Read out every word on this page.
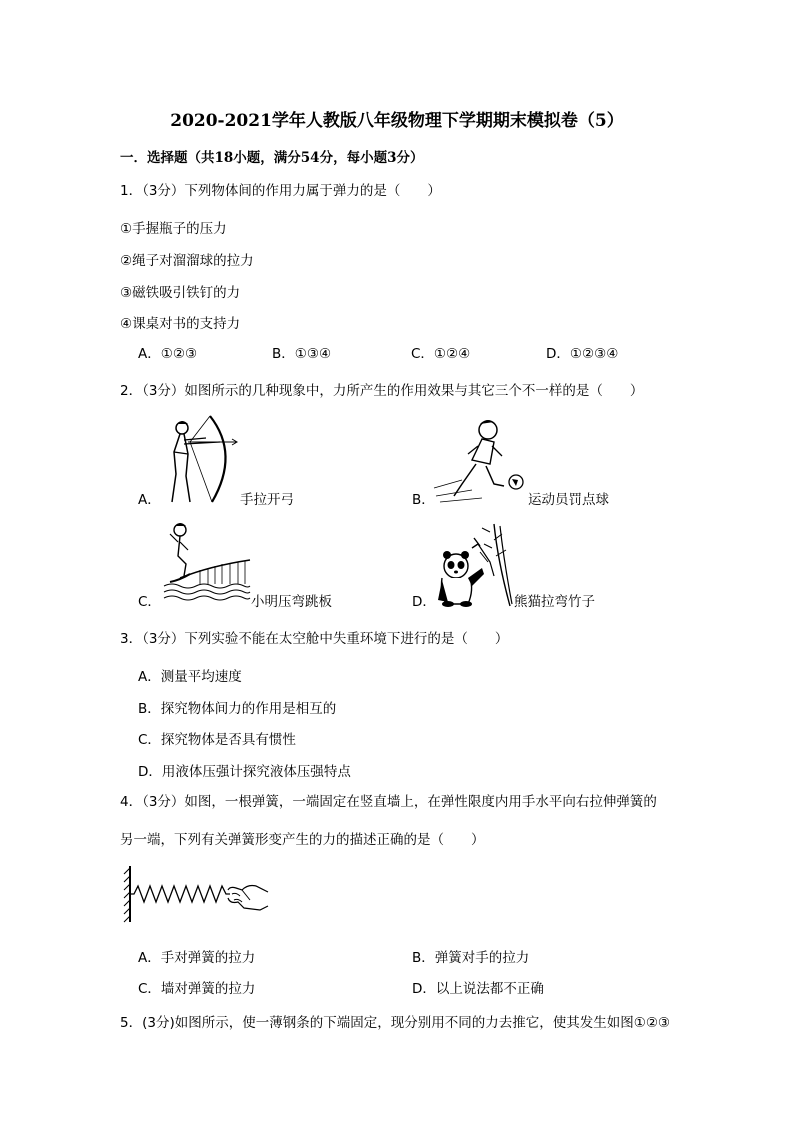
2020-2021学年人教版八年级物理下学期期末模拟卷（5）
一．选择题（共18小题，满分54分，每小题3分）
1．（3分）下列物体间的作用力属于弹力的是（　　）
①手握瓶子的压力
②绳子对溜溜球的拉力
③磁铁吸引铁钉的力
④课桌对书的支持力
A．①②③	B．①③④	C．①②④	D．①②③④
2．（3分）如图所示的几种现象中，力所产生的作用效果与其它三个不一样的是（　　）
A．	手拉开弓	B．	运动员罚点球
C．	小明压弯跳板	D．	熊猫拉弯竹子
3．（3分）下列实验不能在太空舱中失重环境下进行的是（　　）
A．测量平均速度
B．探究物体间力的作用是相互的
C．探究物体是否具有惯性
D．用液体压强计探究液体压强特点
4．（3分）如图，一根弹簧，一端固定在竖直墙上，在弹性限度内用手水平向右拉伸弹簧的
另一端，下列有关弹簧形变产生的力的描述正确的是（　　）
A．手对弹簧的拉力	B．弹簧对手的拉力
C．墙对弹簧的拉力	D．以上说法都不正确
5．(3分)如图所示，使一薄钢条的下端固定，现分别用不同的力去推它，使其发生如图①②③
